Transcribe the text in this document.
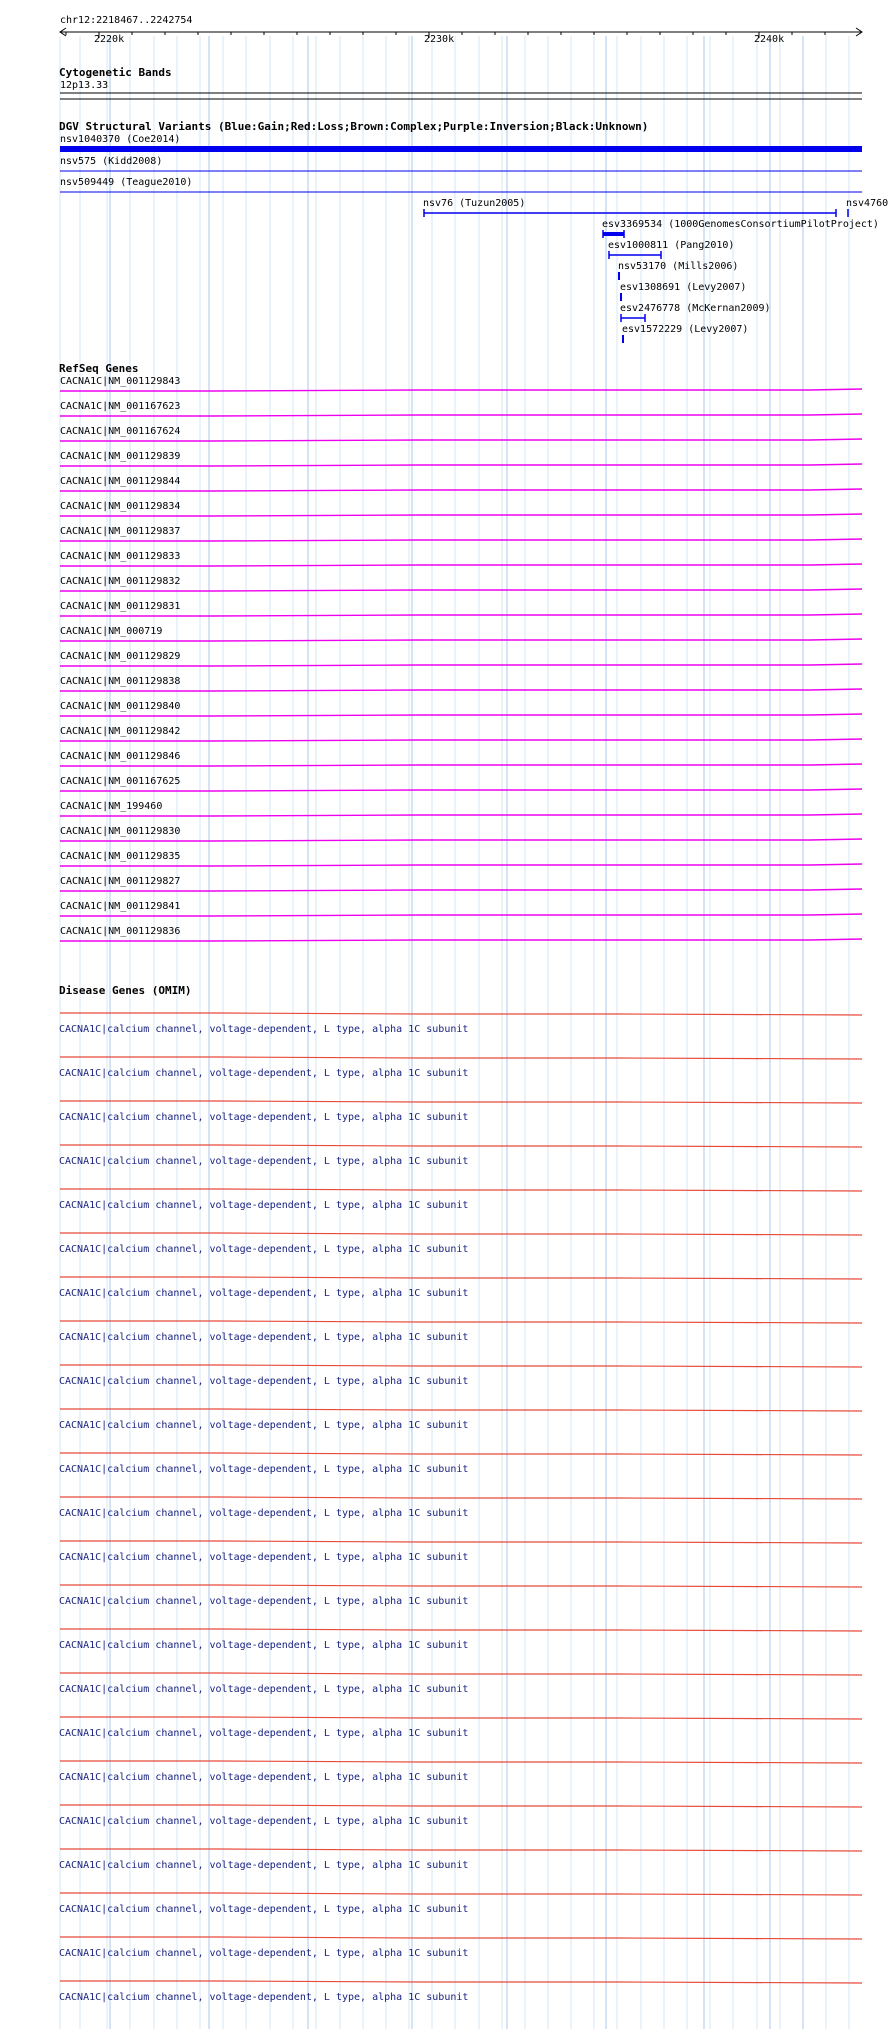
chr12:2218467..2242754
2220k	2230k	2240k
Cytogenetic Bands
12p13.33
DGV Structural Variants (Blue:Gain;Red:Loss;Brown:Complex;Purple:Inversion;Black:Unknown)
nsv1040370 (Coe2014)
nsv575 (Kidd2008)
nsv509449 (Teague2010)
nsv76 (Tuzun2005)	nsv4760
esv3369534 (1000GenomesConsortiumPilotProject)
esv1000811 (Pang2010)
nsv53170 (Mills2006)
esv1308691 (Levy2007)
esv2476778 (McKernan2009)
esv1572229 (Levy2007)
RefSeq Genes
CACNA1C|NM_001129843
CACNA1C|NM_001167623
CACNA1C|NM_001167624
CACNA1C|NM_001129839
CACNA1C|NM_001129844
CACNA1C|NM_001129834
CACNA1C|NM_001129837
CACNA1C|NM_001129833
CACNA1C|NM_001129832
CACNA1C|NM_001129831
CACNA1C|NM_000719
CACNA1C|NM_001129829
CACNA1C|NM_001129838
CACNA1C|NM_001129840
CACNA1C|NM_001129842
CACNA1C|NM_001129846
CACNA1C|NM_001167625
CACNA1C|NM_199460
CACNA1C|NM_001129830
CACNA1C|NM_001129835
CACNA1C|NM_001129827
CACNA1C|NM_001129841
CACNA1C|NM_001129836
Disease Genes (OMIM)
CACNA1C|calcium channel, voltage-dependent, L type, alpha 1C subunit
CACNA1C|calcium channel, voltage-dependent, L type, alpha 1C subunit
CACNA1C|calcium channel, voltage-dependent, L type, alpha 1C subunit
CACNA1C|calcium channel, voltage-dependent, L type, alpha 1C subunit
CACNA1C|calcium channel, voltage-dependent, L type, alpha 1C subunit
CACNA1C|calcium channel, voltage-dependent, L type, alpha 1C subunit
CACNA1C|calcium channel, voltage-dependent, L type, alpha 1C subunit
CACNA1C|calcium channel, voltage-dependent, L type, alpha 1C subunit
CACNA1C|calcium channel, voltage-dependent, L type, alpha 1C subunit
CACNA1C|calcium channel, voltage-dependent, L type, alpha 1C subunit
CACNA1C|calcium channel, voltage-dependent, L type, alpha 1C subunit
CACNA1C|calcium channel, voltage-dependent, L type, alpha 1C subunit
CACNA1C|calcium channel, voltage-dependent, L type, alpha 1C subunit
CACNA1C|calcium channel, voltage-dependent, L type, alpha 1C subunit
CACNA1C|calcium channel, voltage-dependent, L type, alpha 1C subunit
CACNA1C|calcium channel, voltage-dependent, L type, alpha 1C subunit
CACNA1C|calcium channel, voltage-dependent, L type, alpha 1C subunit
CACNA1C|calcium channel, voltage-dependent, L type, alpha 1C subunit
CACNA1C|calcium channel, voltage-dependent, L type, alpha 1C subunit
CACNA1C|calcium channel, voltage-dependent, L type, alpha 1C subunit
CACNA1C|calcium channel, voltage-dependent, L type, alpha 1C subunit
CACNA1C|calcium channel, voltage-dependent, L type, alpha 1C subunit
CACNA1C|calcium channel, voltage-dependent, L type, alpha 1C subunit
